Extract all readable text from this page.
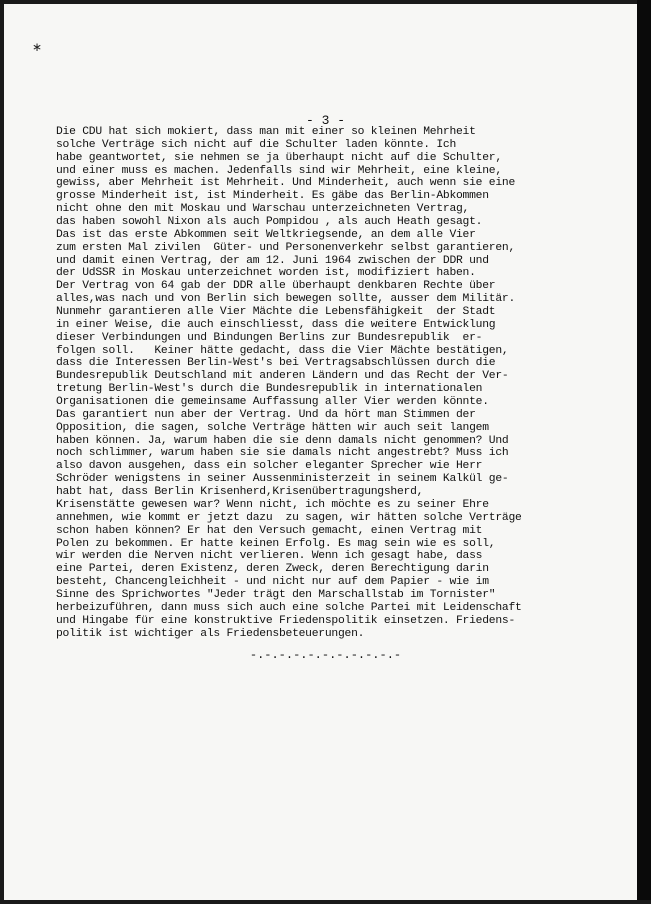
∗
- 3 -
Die CDU hat sich mokiert, dass man mit einer so kleinen Mehrheit
solche Verträge sich nicht auf die Schulter laden könnte. Ich
habe geantwortet, sie nehmen se ja überhaupt nicht auf die Schulter,
und einer muss es machen. Jedenfalls sind wir Mehrheit, eine kleine,
gewiss, aber Mehrheit ist Mehrheit. Und Minderheit, auch wenn sie eine
grosse Minderheit ist, ist Minderheit. Es gäbe das Berlin-Abkommen
nicht ohne den mit Moskau und Warschau unterzeichneten Vertrag,
das haben sowohl Nixon als auch Pompidou , als auch Heath gesagt.
Das ist das erste Abkommen seit Weltkriegsende, an dem alle Vier
zum ersten Mal zivilen  Güter- und Personenverkehr selbst garantieren,
und damit einen Vertrag, der am 12. Juni 1964 zwischen der DDR und
der UdSSR in Moskau unterzeichnet worden ist, modifiziert haben.
Der Vertrag von 64 gab der DDR alle überhaupt denkbaren Rechte über
alles,was nach und von Berlin sich bewegen sollte, ausser dem Militär.
Nunmehr garantieren alle Vier Mächte die Lebensfähigkeit  der Stadt
in einer Weise, die auch einschliesst, dass die weitere Entwicklung
dieser Verbindungen und Bindungen Berlins zur Bundesrepublik  er-
folgen soll.   Keiner hätte gedacht, dass die Vier Mächte bestätigen,
dass die Interessen Berlin-West's bei Vertragsabschlüssen durch die
Bundesrepublik Deutschland mit anderen Ländern und das Recht der Ver-
tretung Berlin-West's durch die Bundesrepublik in internationalen
Organisationen die gemeinsame Auffassung aller Vier werden könnte.
Das garantiert nun aber der Vertrag. Und da hört man Stimmen der
Opposition, die sagen, solche Verträge hätten wir auch seit langem
haben können. Ja, warum haben die sie denn damals nicht genommen? Und
noch schlimmer, warum haben sie sie damals nicht angestrebt? Muss ich
also davon ausgehen, dass ein solcher eleganter Sprecher wie Herr
Schröder wenigstens in seiner Aussenministerzeit in seinem Kalkül ge-
habt hat, dass Berlin Krisenherd,Krisenübertragungsherd,
Krisenstätte gewesen war? Wenn nicht, ich möchte es zu seiner Ehre
annehmen, wie kommt er jetzt dazu  zu sagen, wir hätten solche Verträge
schon haben können? Er hat den Versuch gemacht, einen Vertrag mit
Polen zu bekommen. Er hatte keinen Erfolg. Es mag sein wie es soll,
wir werden die Nerven nicht verlieren. Wenn ich gesagt habe, dass
eine Partei, deren Existenz, deren Zweck, deren Berechtigung darin
besteht, Chancengleichheit - und nicht nur auf dem Papier - wie im
Sinne des Sprichwortes "Jeder trägt den Marschallstab im Tornister"
herbeizuführen, dann muss sich auch eine solche Partei mit Leidenschaft
und Hingabe für eine konstruktive Friedenspolitik einsetzen. Friedens-
politik ist wichtiger als Friedensbeteuerungen.
-.-.-.-.-.-.-.-.-.-.-
